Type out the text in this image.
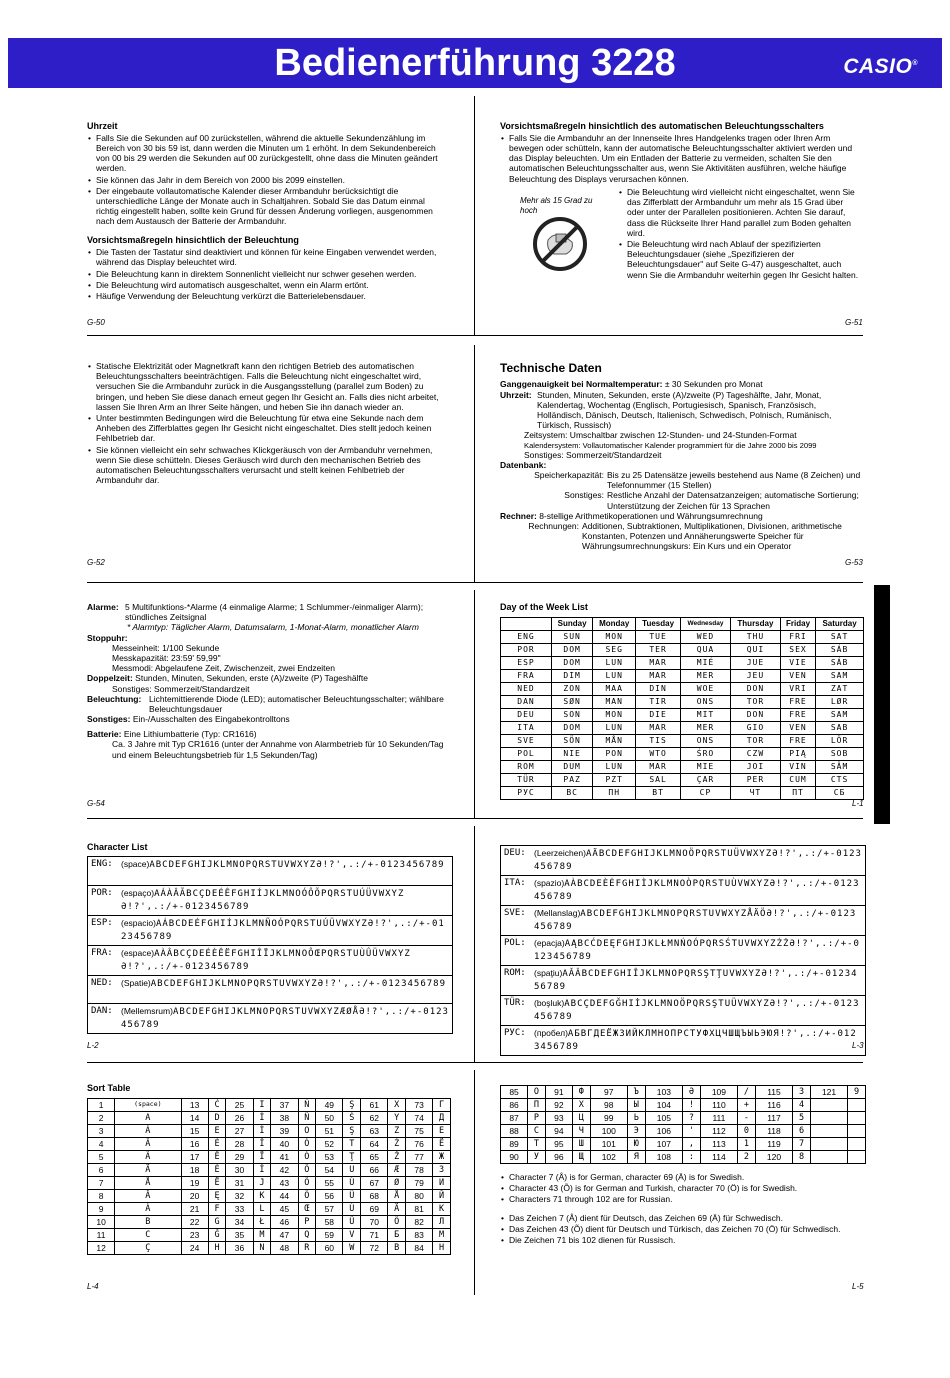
Bedienerführung 3228	CASIO®
Uhrzeit
• Falls Sie die Sekunden auf 00 zurückstellen, während die aktuelle Sekundenzählung im Bereich von 30 bis 59 ist, dann werden die Minuten um 1 erhöht. In dem Sekundenbereich von 00 bis 29 werden die Sekunden auf 00 zurückgestellt, ohne dass die Minuten geändert werden.
• Sie können das Jahr in dem Bereich von 2000 bis 2099 einstellen.
• Der eingebaute vollautomatische Kalender dieser Armbanduhr berücksichtigt die unterschiedliche Länge der Monate auch in Schaltjahren. Sobald Sie das Datum einmal richtig eingestellt haben, sollte kein Grund für dessen Änderung vorliegen, ausgenommen nach dem Austausch der Batterie der Armbanduhr.
Vorsichtsmaßregeln hinsichtlich der Beleuchtung
• Die Tasten der Tastatur sind deaktiviert und können für keine Eingaben verwendet werden, während das Display beleuchtet wird.
• Die Beleuchtung kann in direktem Sonnenlicht vielleicht nur schwer gesehen werden.
• Die Beleuchtung wird automatisch ausgeschaltet, wenn ein Alarm ertönt.
• Häufige Verwendung der Beleuchtung verkürzt die Batterielebensdauer.
G-50
Vorsichtsmaßregeln hinsichtlich des automatischen Beleuchtungsschalters
• Falls Sie die Armbanduhr an der Innenseite Ihres Handgelenks tragen oder Ihren Arm bewegen oder schütteln, kann der automatische Beleuchtungsschalter aktiviert werden und das Display beleuchten. Um ein Entladen der Batterie zu vermeiden, schalten Sie den automatischen Beleuchtungsschalter aus, wenn Sie Aktivitäten ausführen, welche häufige Beleuchtung des Displays verursachen können.
Mehr als 15 Grad zu hoch
• Die Beleuchtung wird vielleicht nicht eingeschaltet, wenn Sie das Zifferblatt der Armbanduhr um mehr als 15 Grad über oder unter der Parallelen positionieren. Achten Sie darauf, dass die Rückseite Ihrer Hand parallel zum Boden gehalten wird.
• Die Beleuchtung wird nach Ablauf der spezifizierten Beleuchtungsdauer (siehe „Spezifizieren der Beleuchtungsdauer" auf Seite G-47) ausgeschaltet, auch wenn Sie die Armbanduhr weiterhin gegen Ihr Gesicht halten.
G-51
• Statische Elektrizität oder Magnetkraft kann den richtigen Betrieb des automatischen Beleuchtungsschalters beeinträchtigen. Falls die Beleuchtung nicht eingeschaltet wird, versuchen Sie die Armbanduhr zurück in die Ausgangsstellung (parallel zum Boden) zu bringen, und heben Sie diese danach erneut gegen Ihr Gesicht an. Falls dies nicht arbeitet, lassen Sie Ihren Arm an Ihrer Seite hängen, und heben Sie ihn danach wieder an.
• Unter bestimmten Bedingungen wird die Beleuchtung für etwa eine Sekunde nach dem Anheben des Zifferblattes gegen Ihr Gesicht nicht eingeschaltet. Dies stellt jedoch keinen Fehlbetrieb dar.
• Sie können vielleicht ein sehr schwaches Klickgeräusch von der Armbanduhr vernehmen, wenn Sie diese schütteln. Dieses Geräusch wird durch den mechanischen Betrieb des automatischen Beleuchtungsschalters verursacht und stellt keinen Fehlbetrieb der Armbanduhr dar.
G-52
Technische Daten
Ganggenauigkeit bei Normaltemperatur: ± 30 Sekunden pro Monat
Uhrzeit:	Stunden, Minuten, Sekunden, erste (A)/zweite (P) Tageshälfte, Jahr, Monat, Kalendertag, Wochentag (Englisch, Portugiesisch, Spanisch, Französisch, Holländisch, Dänisch, Deutsch, Italienisch, Schwedisch, Polnisch, Rumänisch, Türkisch, Russisch)
Zeitsystem: Umschaltbar zwischen 12-Stunden- und 24-Stunden-Format
Kalendersystem: Vollautomatischer Kalender programmiert für die Jahre 2000 bis 2099
Sonstiges: Sommerzeit/Standardzeit
Datenbank:
Speicherkapazität:	Bis zu 25 Datensätze jeweils bestehend aus Name (8 Zeichen) und Telefonnummer (15 Stellen)
Sonstiges:	Restliche Anzahl der Datensatzanzeigen; automatische Sortierung; Unterstützung der Zeichen für 13 Sprachen
Rechner: 8-stellige Arithmetikoperationen und Währungsumrechnung
Rechnungen:	Additionen, Subtraktionen, Multiplikationen, Divisionen, arithmetische Konstanten, Potenzen und Annäherungswerte Speicher für Währungsumrechnungskurs: Ein Kurs und ein Operator
G-53
Alarme:	5 Multifunktions-*Alarme (4 einmalige Alarme; 1 Schlummer-/einmaliger Alarm); stündliches Zeitsignal
* Alarmtyp: Täglicher Alarm, Datumsalarm, 1-Monat-Alarm, monatlicher Alarm
Stoppuhr:
Messeinheit: 1/100 Sekunde
Messkapazität: 23:59' 59,99"
Messmodi: Abgelaufene Zeit, Zwischenzeit, zwei Endzeiten
Doppelzeit: Stunden, Minuten, Sekunden, erste (A)/zweite (P) Tageshälfte
Sonstiges: Sommerzeit/Standardzeit
Beleuchtung:	Lichtemittierende Diode (LED); automatischer Beleuchtungsschalter; wählbare Beleuchtungsdauer
Sonstiges: Ein-/Ausschalten des Eingabekontrolltons
Batterie: Eine Lithiumbatterie (Typ: CR1616)
Ca. 3 Jahre mit Typ CR1616 (unter der Annahme von Alarmbetrieb für 10 Sekunden/Tag und einem Beleuchtungsbetrieb für 1,5 Sekunden/Tag)
G-54
Day of the Week List
	Sunday	Monday	Tuesday	Wednesday	Thursday	Friday	Saturday
ENG	SUN	MON	TUE	WED	THU	FRI	SAT
POR	DOM	SEG	TER	QUA	QUI	SEX	SÁB
ESP	DOM	LUN	MAR	MIÉ	JUE	VIE	SÁB
FRA	DIM	LUN	MAR	MER	JEU	VEN	SAM
NED	ZON	MAA	DIN	WOE	DON	VRI	ZAT
DAN	SØN	MAN	TIR	ONS	TOR	FRE	LØR
DEU	SON	MON	DIE	MIT	DON	FRE	SAM
ITA	DOM	LUN	MAR	MER	GIO	VEN	SAB
SVE	SÖN	MÅN	TIS	ONS	TOR	FRE	LÖR
POL	NIE	PON	WTO	ŚRO	CZW	PIĄ	SOB
ROM	DUM	LUN	MAR	MIE	JOI	VIN	SÂM
TÜR	PAZ	PZT	SAL	ÇAR	PER	CUM	CTS
РУС	ВС	ПН	ВТ	СР	ЧТ	ПТ	СБ
L-1
Character List
ENG: (space)ABCDEFGHIJKLMNOPQRSTUVWXYZƏ!?',.:/+-0123456789
POR: (espaço)AÁÀÂÃBCÇDEÉÊFGHIÍJKLMNOÓÔÕPQRSTUÚÜVWXYZƏ!?',.:/+-0123456789
ESP: (espacio)AÁBCDEÉFGHIÍJKLMNÑOÓPQRSTUÚÜVWXYZƏ!?',.:/+-0123456789
FRA: (espace)AÀÂBCÇDEÉÈÊËFGHIÎÏJKLMNOÔŒPQRSTUÙÛÜVWXYZƏ!?',.:/+-0123456789
NED: (Spatie)ABCDEFGHIJKLMNOPQRSTUVWXYZƏ!?',.:/+-0123456789
DAN: (Mellemsrum)ABCDEFGHIJKLMNOPQRSTUVWXYZÆØÅƏ!?',.:/+-0123456789
DEU: (Leerzeichen)AÄBCDEFGHIJKLMNOÖPQRSTUÜVWXYZƏ!?',.:/+-0123456789
ITA: (spazio)AÀBCDEÈÉFGHIÌJKLMNOÒPQRSTUÙVWXYZƏ!?',.:/+-0123456789
SVE: (Mellanslag)ABCDEFGHIJKLMNOPQRSTUVWXYZÅÄÖƏ!?',.:/+-0123456789
POL: (epacja)AĄBCĆDEĘFGHIJKLŁMNŃOÓPQRSŚTUVWXYZŹŻƏ!?',.:/+-0123456789
ROM: (spaţiu)AĂÂBCDEFGHIÎJKLMNOPQRSŞTŢUVWXYZƏ!?',.:/+-0123456789
TÜR: (boşluk)ABCÇDEFGĞHIİJKLMNOÖPQRSŞTUÜVWXYZƏ!?',.:/+-0123456789
РУС: (пробел)АБВГДЕЁЖЗИЙКЛМНОПРСТУФХЦЧШЩЪЫЬЭЮЯ!?',.:/+-0123456789
L-2	L-3
Sort Table
1	(space)	13	Ć	25	I	37	Ń	49	Ş	61	X	73	Г
2	A	14	D	26	Í	38	Ñ	50	Ś	62	Y	74	Д
3	Á	15	E	27	Ì	39	O	51	Ş	63	Z	75	Е
4	Â	16	É	28	Î	40	Ó	52	T	64	Ź	76	Ё
5	Ã	17	Ê	29	Ï	41	Ò	53	Ţ	65	Ż	77	Ж
6	Ä	18	È	30	İ	42	Ô	54	U	66	Æ	78	З
7	Å	19	Ë	31	J	43	Õ	55	Ú	67	Ø	79	И
8	Ă	20	Ę	32	K	44	Ö	56	Ü	68	Å	80	Й
9	À	21	F	33	L	45	Œ	57	Ù	69	Ä	81	К
10	B	22	G	34	Ł	46	P	58	Û	70	Ö	82	Л
11	C	23	Ğ	35	M	47	Q	59	V	71	Б	83	М
12	Ç	24	H	36	N	48	R	60	W	72	В	84	Н
85	О	91	Ф	97	Ъ	103	Ә	109	/	115	3	121	9
86	П	92	Х	98	Ы	104	!	110	+	116	4		
87	Р	93	Ц	99	Ь	105	?	111	-	117	5		
88	С	94	Ч	100	Э	106	'	112	0	118	6		
89	Т	95	Ш	101	Ю	107	,	113	1	119	7		
90	У	96	Щ	102	Я	108	:	114	2	120	8		
• Character 7 (Å) is for German, character 69 (Ä) is for Swedish.
• Character 43 (Õ) is for German and Turkish, character 70 (Ö) is for Swedish.
• Characters 71 through 102 are for Russian.
• Das Zeichen 7 (Å) dient für Deutsch, das Zeichen 69 (Ä) für Schwedisch.
• Das Zeichen 43 (Õ) dient für Deutsch und Türkisch, das Zeichen 70 (Ö) für Schwedisch.
• Die Zeichen 71 bis 102 dienen für Russisch.
L-4	L-5
